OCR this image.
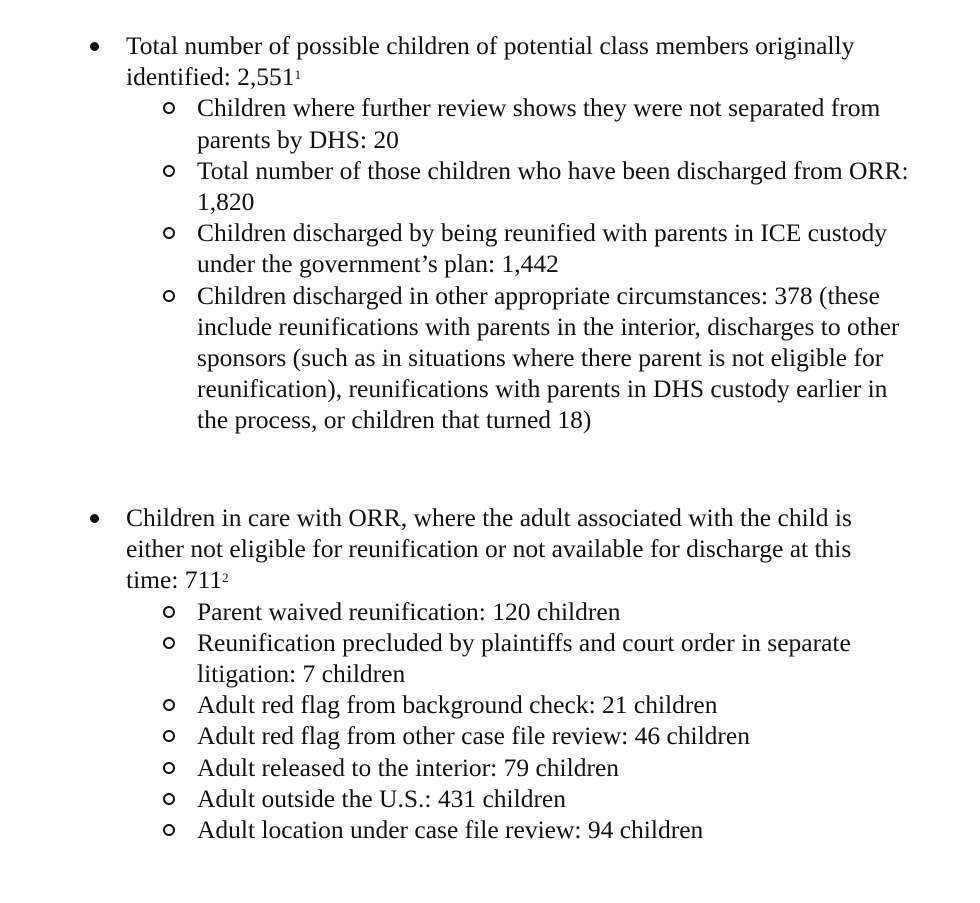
Total number of possible children of potential class members originally identified: 2,551$^1$
Children where further review shows they were not separated from parents by DHS: 20
Total number of those children who have been discharged from ORR: 1,820
Children discharged by being reunified with parents in ICE custody under the government’s plan: 1,442
Children discharged in other appropriate circumstances: 378 (these include reunifications with parents in the interior, discharges to other sponsors (such as in situations where there parent is not eligible for reunification), reunifications with parents in DHS custody earlier in the process, or children that turned 18)
Children in care with ORR, where the adult associated with the child is either not eligible for reunification or not available for discharge at this time: $711^2$
Parent waived reunification: 120 children
Reunification precluded by plaintiffs and court order in separate litigation: 7 children
Adult red flag from background check: 21 children
Adult red flag from other case file review: 46 children
Adult released to the interior: 79 children
Adult outside the U.S.: 431 children
Adult location under case file review: 94 children
